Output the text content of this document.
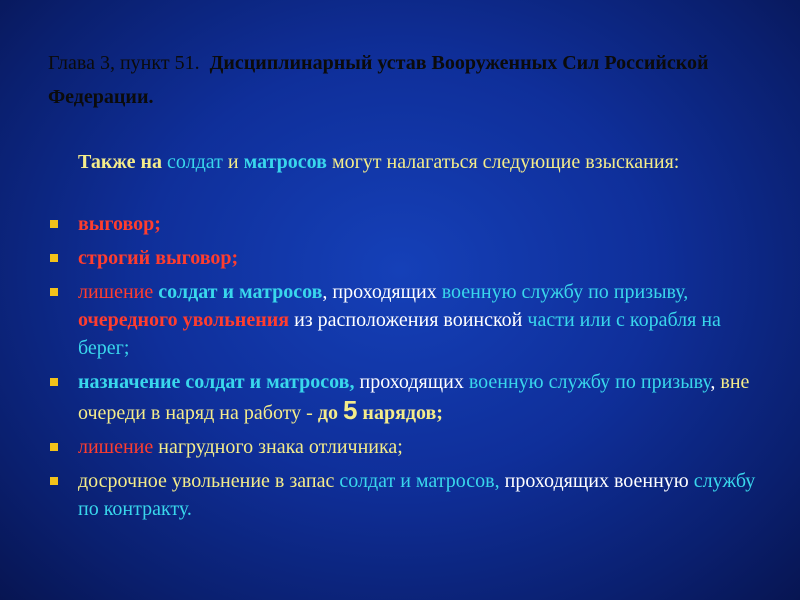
Глава 3, пункт 51. Дисциплинарный устав Вооруженных Сил Российской Федерации.
Также на солдат и матросов могут налагаться следующие взыскания:
выговор;
строгий выговор;
лишение солдат и матросов, проходящих военную службу по призыву, очередного увольнения из расположения воинской части или с корабля на берег;
назначение солдат и матросов, проходящих военную службу по призыву, вне очереди в наряд на работу - до 5 нарядов;
лишение нагрудного знака отличника;
досрочное увольнение в запас солдат и матросов, проходящих военную службу по контракту.
